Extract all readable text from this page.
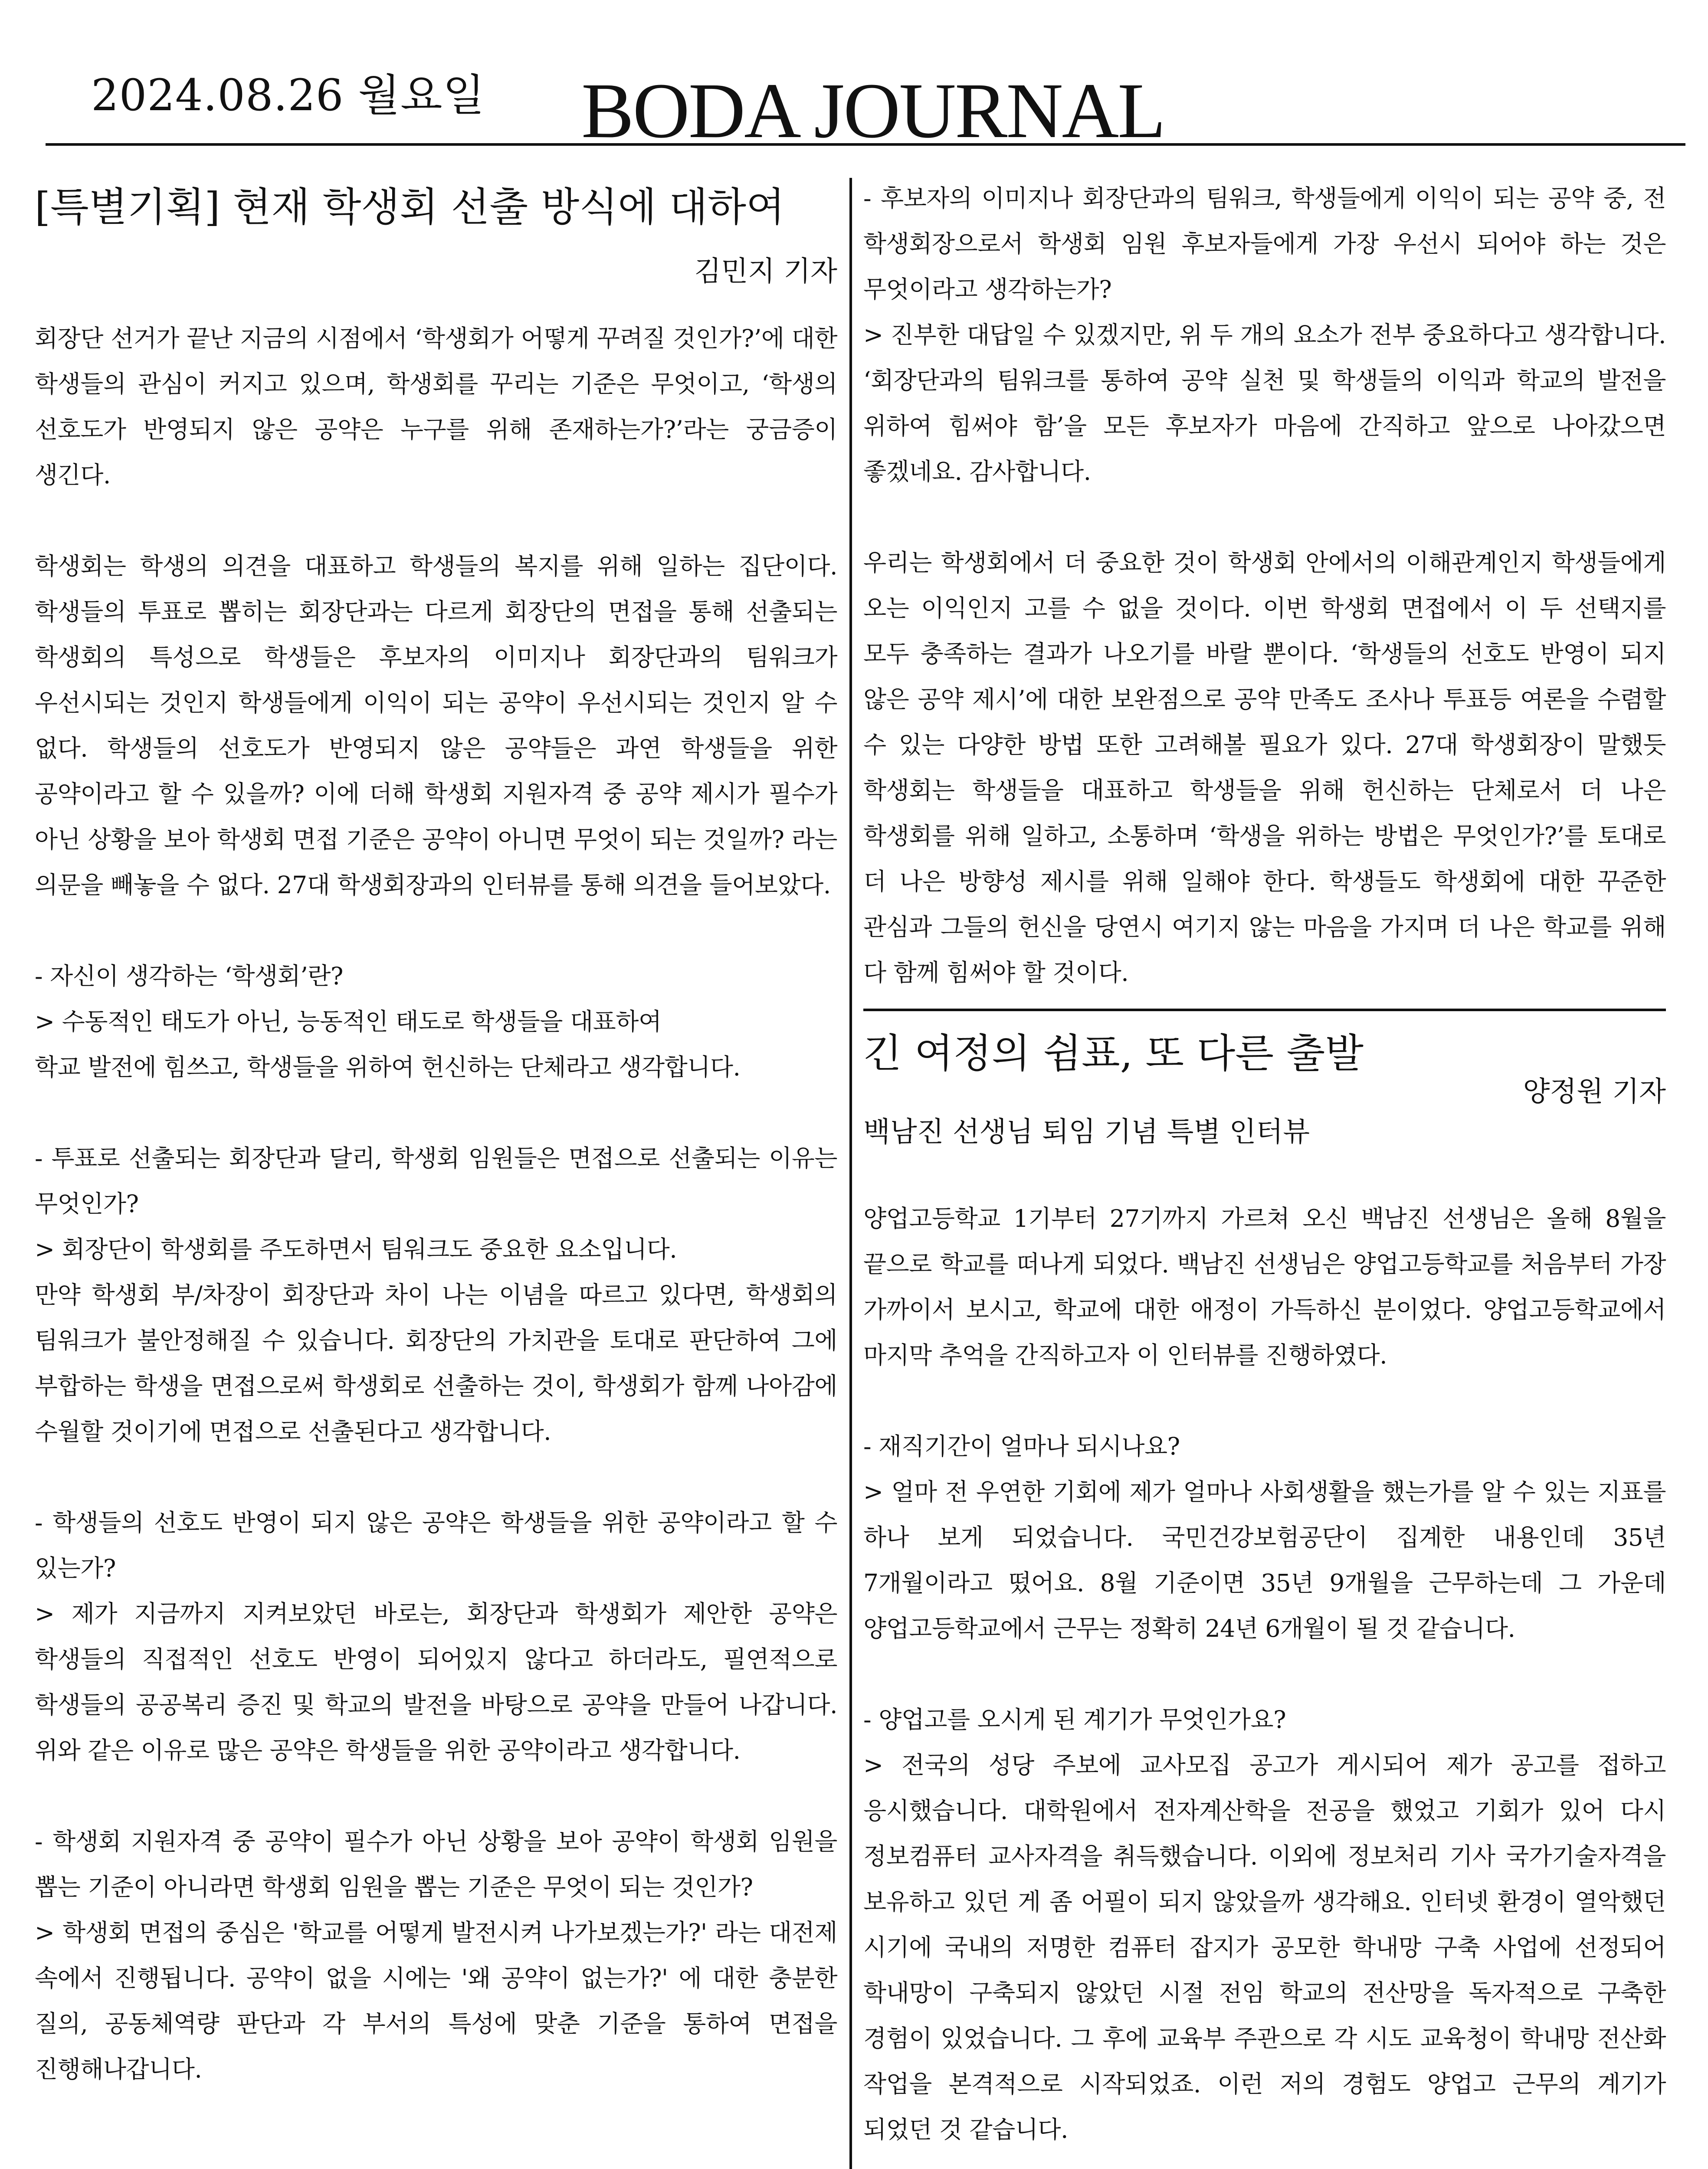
2024.08.26 월요일 BODA JOURNAL
[특별기획] 현재 학생회 선출 방식에 대하여
김민지 기자

회장단 선거가 끝난 지금의 시점에서 ‘학생회가 어떻게 꾸려질 것인가?’에 대한 학생들의 관심이 커지고 있으며, 학생회를 꾸리는 기준은 무엇이고, ‘학생의 선호도가 반영되지 않은 공약은 누구를 위해 존재하는가?’라는 궁금증이 생긴다.

학생회는 학생의 의견을 대표하고 학생들의 복지를 위해 일하는 집단이다. 학생들의 투표로 뽑히는 회장단과는 다르게 회장단의 면접을 통해 선출되는 학생회의 특성으로 학생들은 후보자의 이미지나 회장단과의 팀워크가 우선시되는 것인지 학생들에게 이익이 되는 공약이 우선시되는 것인지 알 수 없다. 학생들의 선호도가 반영되지 않은 공약들은 과연 학생들을 위한 공약이라고 할 수 있을까? 이에 더해 학생회 지원자격 중 공약 제시가 필수가 아닌 상황을 보아 학생회 면접 기준은 공약이 아니면 무엇이 되는 것일까? 라는 의문을 빼놓을 수 없다. 27대 학생회장과의 인터뷰를 통해 의견을 들어보았다.

- 자신이 생각하는 ‘학생회’란?

> 수동적인 태도가 아닌, 능동적인 태도로 학생들을 대표하여

학교 발전에 힘쓰고, 학생들을 위하여 헌신하는 단체라고 생각합니다.

- 투표로 선출되는 회장단과 달리, 학생회 임원들은 면접으로 선출되는 이유는 무엇인가?

> 회장단이 학생회를 주도하면서 팀워크도 중요한 요소입니다.

만약 학생회 부/차장이 회장단과 차이 나는 이념을 따르고 있다면, 학생회의 팀워크가 불안정해질 수 있습니다. 회장단의 가치관을 토대로 판단하여 그에 부합하는 학생을 면접으로써 학생회로 선출하는 것이, 학생회가 함께 나아감에 수월할 것이기에 면접으로 선출된다고 생각합니다.

- 학생들의 선호도 반영이 되지 않은 공약은 학생들을 위한 공약이라고 할 수 있는가?

> 제가 지금까지 지켜보았던 바로는, 회장단과 학생회가 제안한 공약은 학생들의 직접적인 선호도 반영이 되어있지 않다고 하더라도, 필연적으로 학생들의 공공복리 증진 및 학교의 발전을 바탕으로 공약을 만들어 나갑니다. 위와 같은 이유로 많은 공약은 학생들을 위한 공약이라고 생각합니다.

- 학생회 지원자격 중 공약이 필수가 아닌 상황을 보아 공약이 학생회 임원을 뽑는 기준이 아니라면 학생회 임원을 뽑는 기준은 무엇이 되는 것인가?

> 학생회 면접의 중심은 '학교를 어떻게 발전시켜 나가보겠는가?' 라는 대전제 속에서 진행됩니다. 공약이 없을 시에는 '왜 공약이 없는가?' 에 대한 충분한 질의, 공동체역량 판단과 각 부서의 특성에 맞춘 기준을 통하여 면접을 진행해나갑니다.

- 후보자의 이미지나 회장단과의 팀워크, 학생들에게 이익이 되는 공약 중, 전 학생회장으로서 학생회 임원 후보자들에게 가장 우선시 되어야 하는 것은 무엇이라고 생각하는가?

> 진부한 대답일 수 있겠지만, 위 두 개의 요소가 전부 중요하다고 생각합니다. ‘회장단과의 팀워크를 통하여 공약 실천 및 학생들의 이익과 학교의 발전을 위하여 힘써야 함’을 모든 후보자가 마음에 간직하고 앞으로 나아갔으면 좋겠네요. 감사합니다.

우리는 학생회에서 더 중요한 것이 학생회 안에서의 이해관계인지 학생들에게 오는 이익인지 고를 수 없을 것이다. 이번 학생회 면접에서 이 두 선택지를 모두 충족하는 결과가 나오기를 바랄 뿐이다. ‘학생들의 선호도 반영이 되지 않은 공약 제시’에 대한 보완점으로 공약 만족도 조사나 투표등 여론을 수렴할 수 있는 다양한 방법 또한 고려해볼 필요가 있다. 27대 학생회장이 말했듯 학생회는 학생들을 대표하고 학생들을 위해 헌신하는 단체로서 더 나은 학생회를 위해 일하고, 소통하며 ‘학생을 위하는 방법은 무엇인가?’를 토대로 더 나은 방향성 제시를 위해 일해야 한다. 학생들도 학생회에 대한 꾸준한 관심과 그들의 헌신을 당연시 여기지 않는 마음을 가지며 더 나은 학교를 위해 다 함께 힘써야 할 것이다.

긴 여정의 쉼표, 또 다른 출발
양정원 기자
백남진 선생님 퇴임 기념 특별 인터뷰

양업고등학교 1기부터 27기까지 가르쳐 오신 백남진 선생님은 올해 8월을 끝으로 학교를 떠나게 되었다. 백남진 선생님은 양업고등학교를 처음부터 가장 가까이서 보시고, 학교에 대한 애정이 가득하신 분이었다. 양업고등학교에서 마지막 추억을 간직하고자 이 인터뷰를 진행하였다.

- 재직기간이 얼마나 되시나요?

> 얼마 전 우연한 기회에 제가 얼마나 사회생활을 했는가를 알 수 있는 지표를 하나 보게 되었습니다. 국민건강보험공단이 집계한 내용인데 35년 7개월이라고 떴어요. 8월 기준이면 35년 9개월을 근무하는데 그 가운데 양업고등학교에서 근무는 정확히 24년 6개월이 될 것 같습니다.

- 양업고를 오시게 된 계기가 무엇인가요?

> 전국의 성당 주보에 교사모집 공고가 게시되어 제가 공고를 접하고 응시했습니다. 대학원에서 전자계산학을 전공을 했었고 기회가 있어 다시 정보컴퓨터 교사자격을 취득했습니다. 이외에 정보처리 기사 국가기술자격을 보유하고 있던 게 좀 어필이 되지 않았을까 생각해요. 인터넷 환경이 열악했던 시기에 국내의 저명한 컴퓨터 잡지가 공모한 학내망 구축 사업에 선정되어 학내망이 구축되지 않았던 시절 전임 학교의 전산망을 독자적으로 구축한 경험이 있었습니다. 그 후에 교육부 주관으로 각 시도 교육청이 학내망 전산화 작업을 본격적으로 시작되었죠. 이런 저의 경험도 양업고 근무의 계기가 되었던 것 같습니다.
